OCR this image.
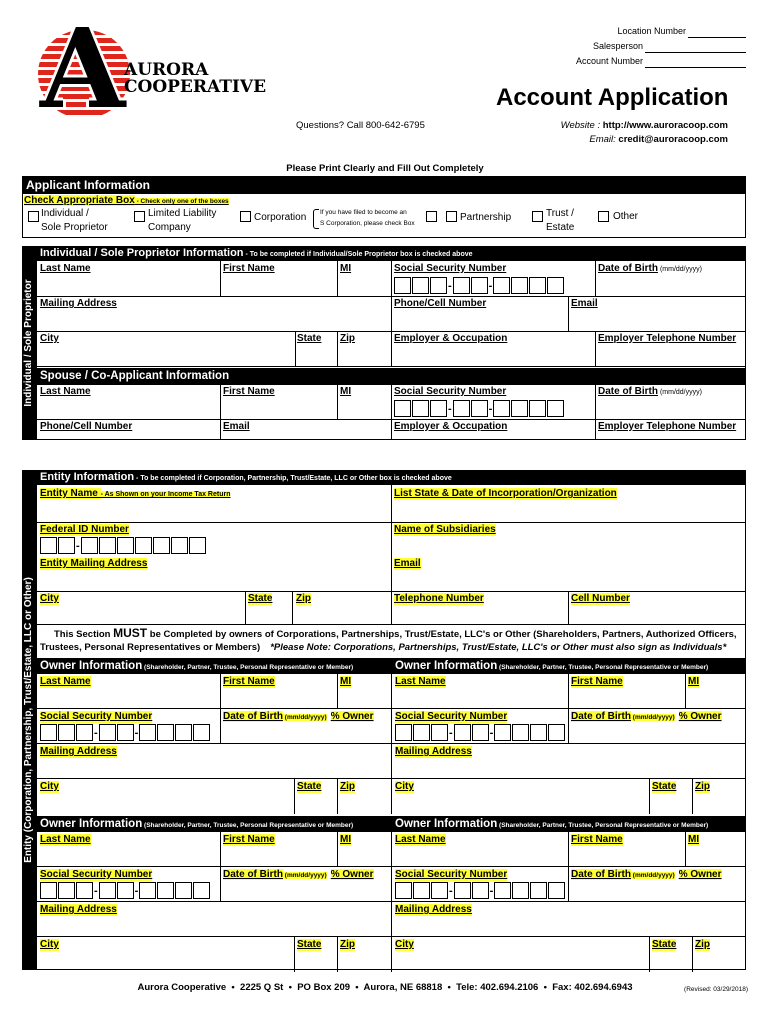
A
AURORA
COOPERATIVE
Location Number
Salesperson
Account Number
Account Application
Questions? Call 800-642-6795	Website : http://www.auroracoop.com
Email: credit@auroracoop.com
Please Print Clearly and Fill Out Completely
Applicant Information
Check Appropriate Box - Check only one of the boxes
Individual /
Sole Proprietor
Limited Liability
Company
Corporation If you have filed to become an
S Corporation, please check Box
Partnership	Trust /
Estate
Other
Individual / Sole Proprietor
Individual / Sole Proprietor Information - To be completed if Individual/Sole Proprietor box is checked above
Last Name	First Name	MI	Social Security Number	Date of Birth (mm/dd/yyyy)
-	-
Mailing Address	Phone/Cell Number	Email
City	State Zip	Employer & Occupation	Employer Telephone Number
Spouse / Co-Applicant Information
Last Name	First Name	MI	Social Security Number	Date of Birth (mm/dd/yyyy)
-	-
Phone/Cell Number	Email	Employer & Occupation	Employer Telephone Number
Entity (Corporation, Partnership, Trust/Estate, LLC or Other)
Entity Information - To be completed if Corporation, Partnership, Trust/Estate, LLC or Other box is checked above
Entity Name - As Shown on your Income Tax Return	List State & Date of Incorporation/Organization
Federal ID Number	Name of Subsidiaries
-
Entity Mailing Address	Email
City	State Zip	Telephone Number	Cell Number
This Section MUST be Completed by owners of Corporations, Partnerships, Trust/Estate, LLC's or Other (Shareholders, Partners, Authorized Officers,
Trustees, Personal Representatives or Members) *Please Note: Corporations, Partnerships, Trust/Estate, LLC's or Other must also sign as Individuals*
Owner Information (Shareholder, Partner, Trustee, Personal Representative or Member)
Last Name	First Name	MI
Social Security Number	Date of Birth (mm/dd/yyyy) % Owner
-	-
Mailing Address
City	State Zip
Owner Information (Shareholder, Partner, Trustee, Personal Representative or Member)
Last Name	First Name	MI
Social Security Number	Date of Birth (mm/dd/yyyy) % Owner
-	-
Mailing Address
City	State Zip
Owner Information (Shareholder, Partner, Trustee, Personal Representative or Member)
Last Name	First Name	MI
Social Security Number	Date of Birth (mm/dd/yyyy) % Owner
-	-
Mailing Address
City	State Zip
Owner Information (Shareholder, Partner, Trustee, Personal Representative or Member)
Last Name	First Name	MI
Social Security Number	Date of Birth (mm/dd/yyyy) % Owner
-	-
Mailing Address
City	State Zip
Aurora Cooperative  •  2225 Q St  •  PO Box 209  •  Aurora, NE 68818  •  Tele: 402.694.2106  •  Fax: 402.694.6943	(Revised: 03/29/2018)
